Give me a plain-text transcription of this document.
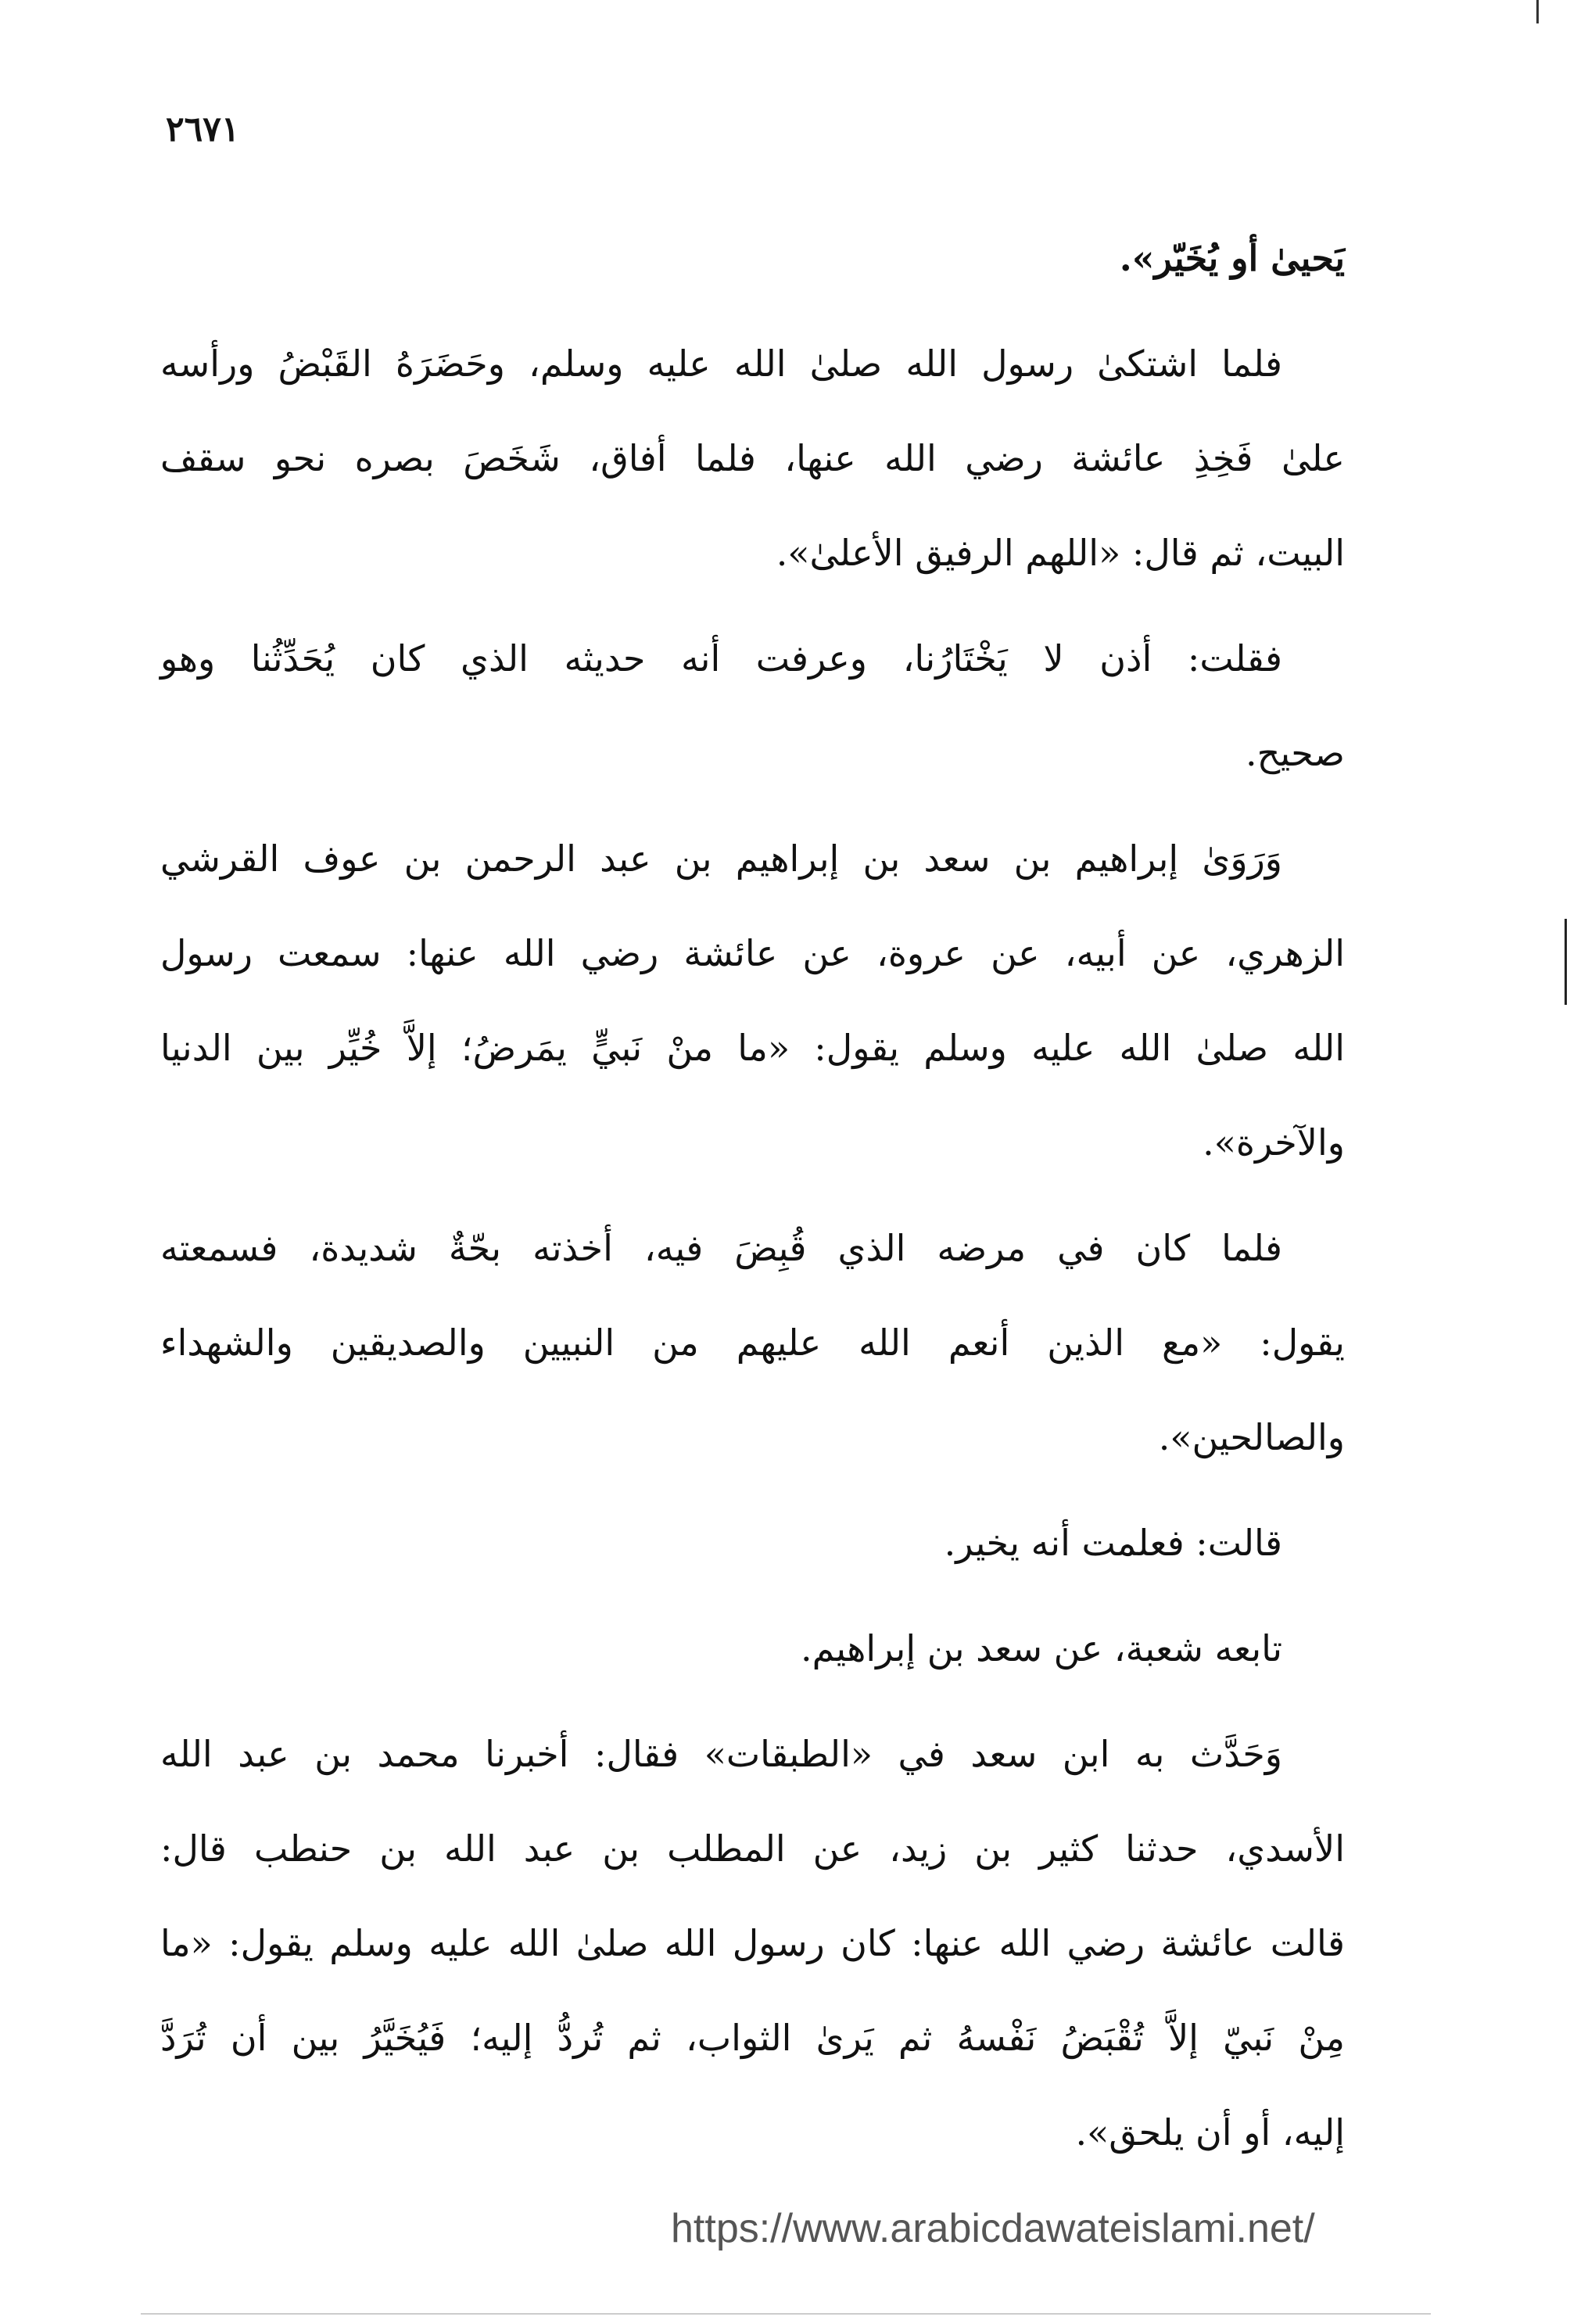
٢٦٧١
يَحيىٰ أو يُخَيّر».
فلما اشتكىٰ رسول الله صلىٰ الله عليه وسلم، وحَضَرَهُ القَبْضُ ورأسه
علىٰ فَخِذِ عائشة رضي الله عنها، فلما أفاق، شَخَصَ بصره نحو سقف
البيت، ثم قال: «اللهم الرفيق الأعلىٰ».
فقلت: أذن لا يَخْتَارُنا، وعرفت أنه حديثه الذي كان يُحَدِّثُنا وهو
صحيح.
وَرَوَىٰ إبراهيم بن سعد بن إبراهيم بن عبد الرحمن بن عوف القرشي
الزهري، عن أبيه، عن عروة، عن عائشة رضي الله عنها: سمعت رسول
الله صلىٰ الله عليه وسلم يقول: «ما منْ نَبيٍّ يمَرضُ؛ إلاَّ خُيِّر بين الدنيا
والآخرة».
فلما كان في مرضه الذي قُبِضَ فيه، أخذته بحّةٌ شديدة، فسمعته
يقول: «مع الذين أنعم الله عليهم من النبيين والصديقين والشهداء
والصالحين».
قالت: فعلمت أنه يخير.
تابعه شعبة، عن سعد بن إبراهيم.
وَحَدَّث به ابن سعد في «الطبقات» فقال: أخبرنا محمد بن عبد الله
الأسدي، حدثنا كثير بن زيد، عن المطلب بن عبد الله بن حنطب قال:
قالت عائشة رضي الله عنها: كان رسول الله صلىٰ الله عليه وسلم يقول: «ما
مِنْ نَبيّ إلاَّ تُقْبَضُ نَفْسهُ ثم يَرىٰ الثواب، ثم تُردُّ إليه؛ فَيُخَيَّرُ بين أن تُرَدَّ
إليه، أو أن يلحق».
https://www.arabicdawateislami.net/
